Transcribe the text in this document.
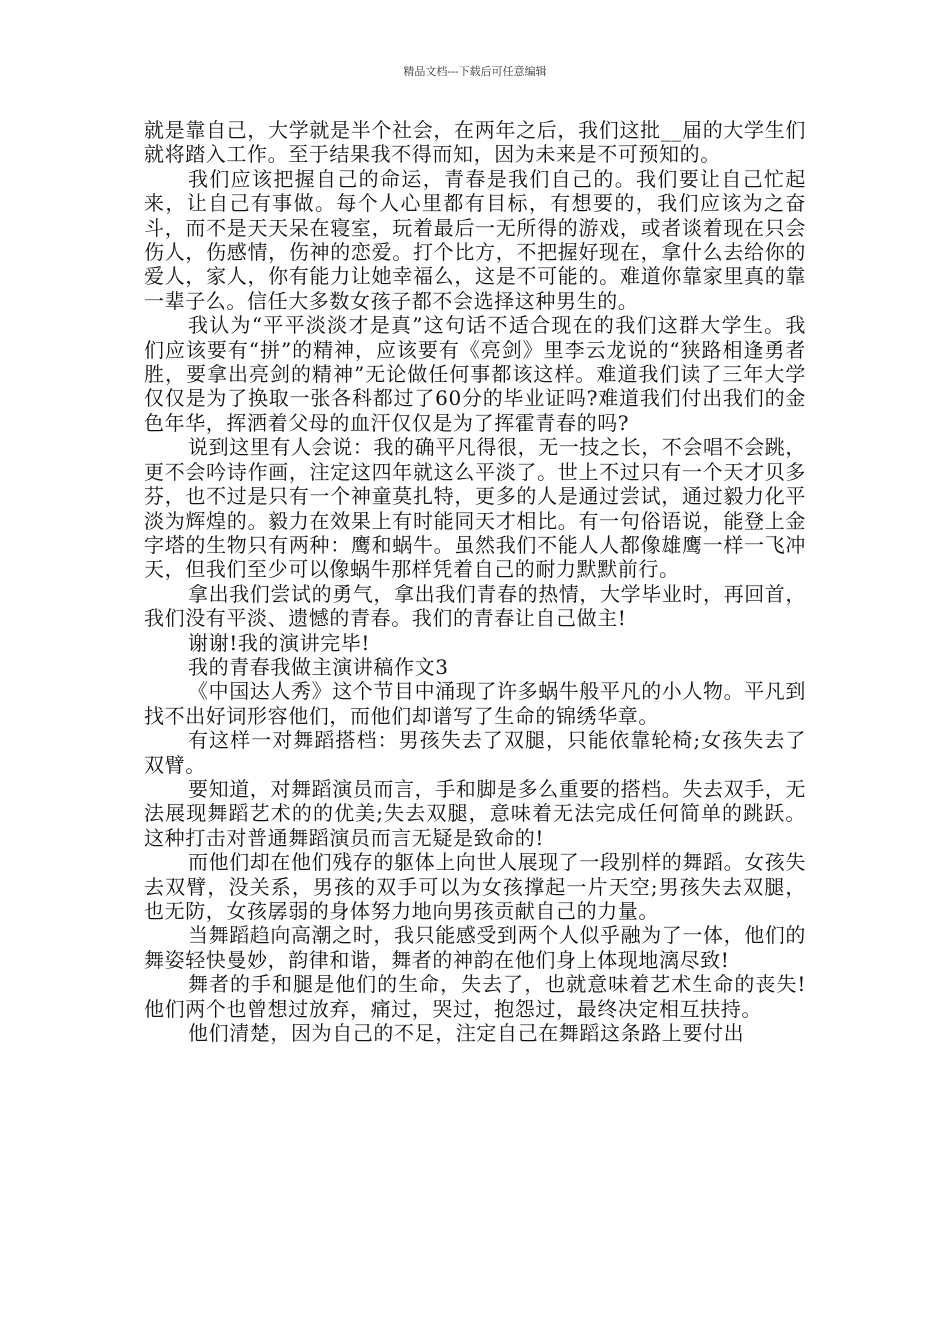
精品文档---下载后可任意编辑

就是靠自己，大学就是半个社会，在两年之后，我们这批__届的大学生们就将踏入工作。至于结果我不得而知，因为未来是不可预知的。

我们应该把握自己的命运，青春是我们自己的。我们要让自己忙起来，让自己有事做。每个人心里都有目标，有想要的，我们应该为之奋斗，而不是天天呆在寝室，玩着最后一无所得的游戏，或者谈着现在只会伤人，伤感情，伤神的恋爱。打个比方，不把握好现在，拿什么去给你的爱人，家人，你有能力让她幸福么，这是不可能的。难道你靠家里真的靠一辈子么。信任大多数女孩子都不会选择这种男生的。

我认为“平平淡淡才是真”这句话不适合现在的我们这群大学生。我们应该要有“拼”的精神，应该要有《亮剑》里李云龙说的“狭路相逢勇者胜，要拿出亮剑的精神”无论做任何事都该这样。难道我们读了三年大学仅仅是为了换取一张各科都过了60分的毕业证吗?难道我们付出我们的金色年华，挥洒着父母的血汗仅仅是为了挥霍青春的吗?

说到这里有人会说：我的确平凡得很，无一技之长，不会唱不会跳，更不会吟诗作画，注定这四年就这么平淡了。世上不过只有一个天才贝多芬，也不过是只有一个神童莫扎特，更多的人是通过尝试，通过毅力化平淡为辉煌的。毅力在效果上有时能同天才相比。有一句俗语说，能登上金字塔的生物只有两种：鹰和蜗牛。虽然我们不能人人都像雄鹰一样一飞冲天，但我们至少可以像蜗牛那样凭着自己的耐力默默前行。

拿出我们尝试的勇气，拿出我们青春的热情，大学毕业时，再回首，我们没有平淡、遗憾的青春。我们的青春让自己做主!

谢谢!我的演讲完毕!

我的青春我做主演讲稿作文3

《中国达人秀》这个节目中涌现了许多蜗牛般平凡的小人物。平凡到找不出好词形容他们，而他们却谱写了生命的锦绣华章。

有这样一对舞蹈搭档：男孩失去了双腿，只能依靠轮椅;女孩失去了双臂。

要知道，对舞蹈演员而言，手和脚是多么重要的搭档。失去双手，无法展现舞蹈艺术的的优美;失去双腿，意味着无法完成任何简单的跳跃。这种打击对普通舞蹈演员而言无疑是致命的!

而他们却在他们残存的躯体上向世人展现了一段别样的舞蹈。女孩失去双臂，没关系，男孩的双手可以为女孩撑起一片天空;男孩失去双腿，也无防，女孩孱弱的身体努力地向男孩贡献自己的力量。

当舞蹈趋向高潮之时，我只能感受到两个人似乎融为了一体，他们的舞姿轻快曼妙，韵律和谐，舞者的神韵在他们身上体现地漓尽致!

舞者的手和腿是他们的生命，失去了，也就意味着艺术生命的丧失!他们两个也曾想过放弃，痛过，哭过，抱怨过，最终决定相互扶持。

他们清楚，因为自己的不足，注定自己在舞蹈这条路上要付出
